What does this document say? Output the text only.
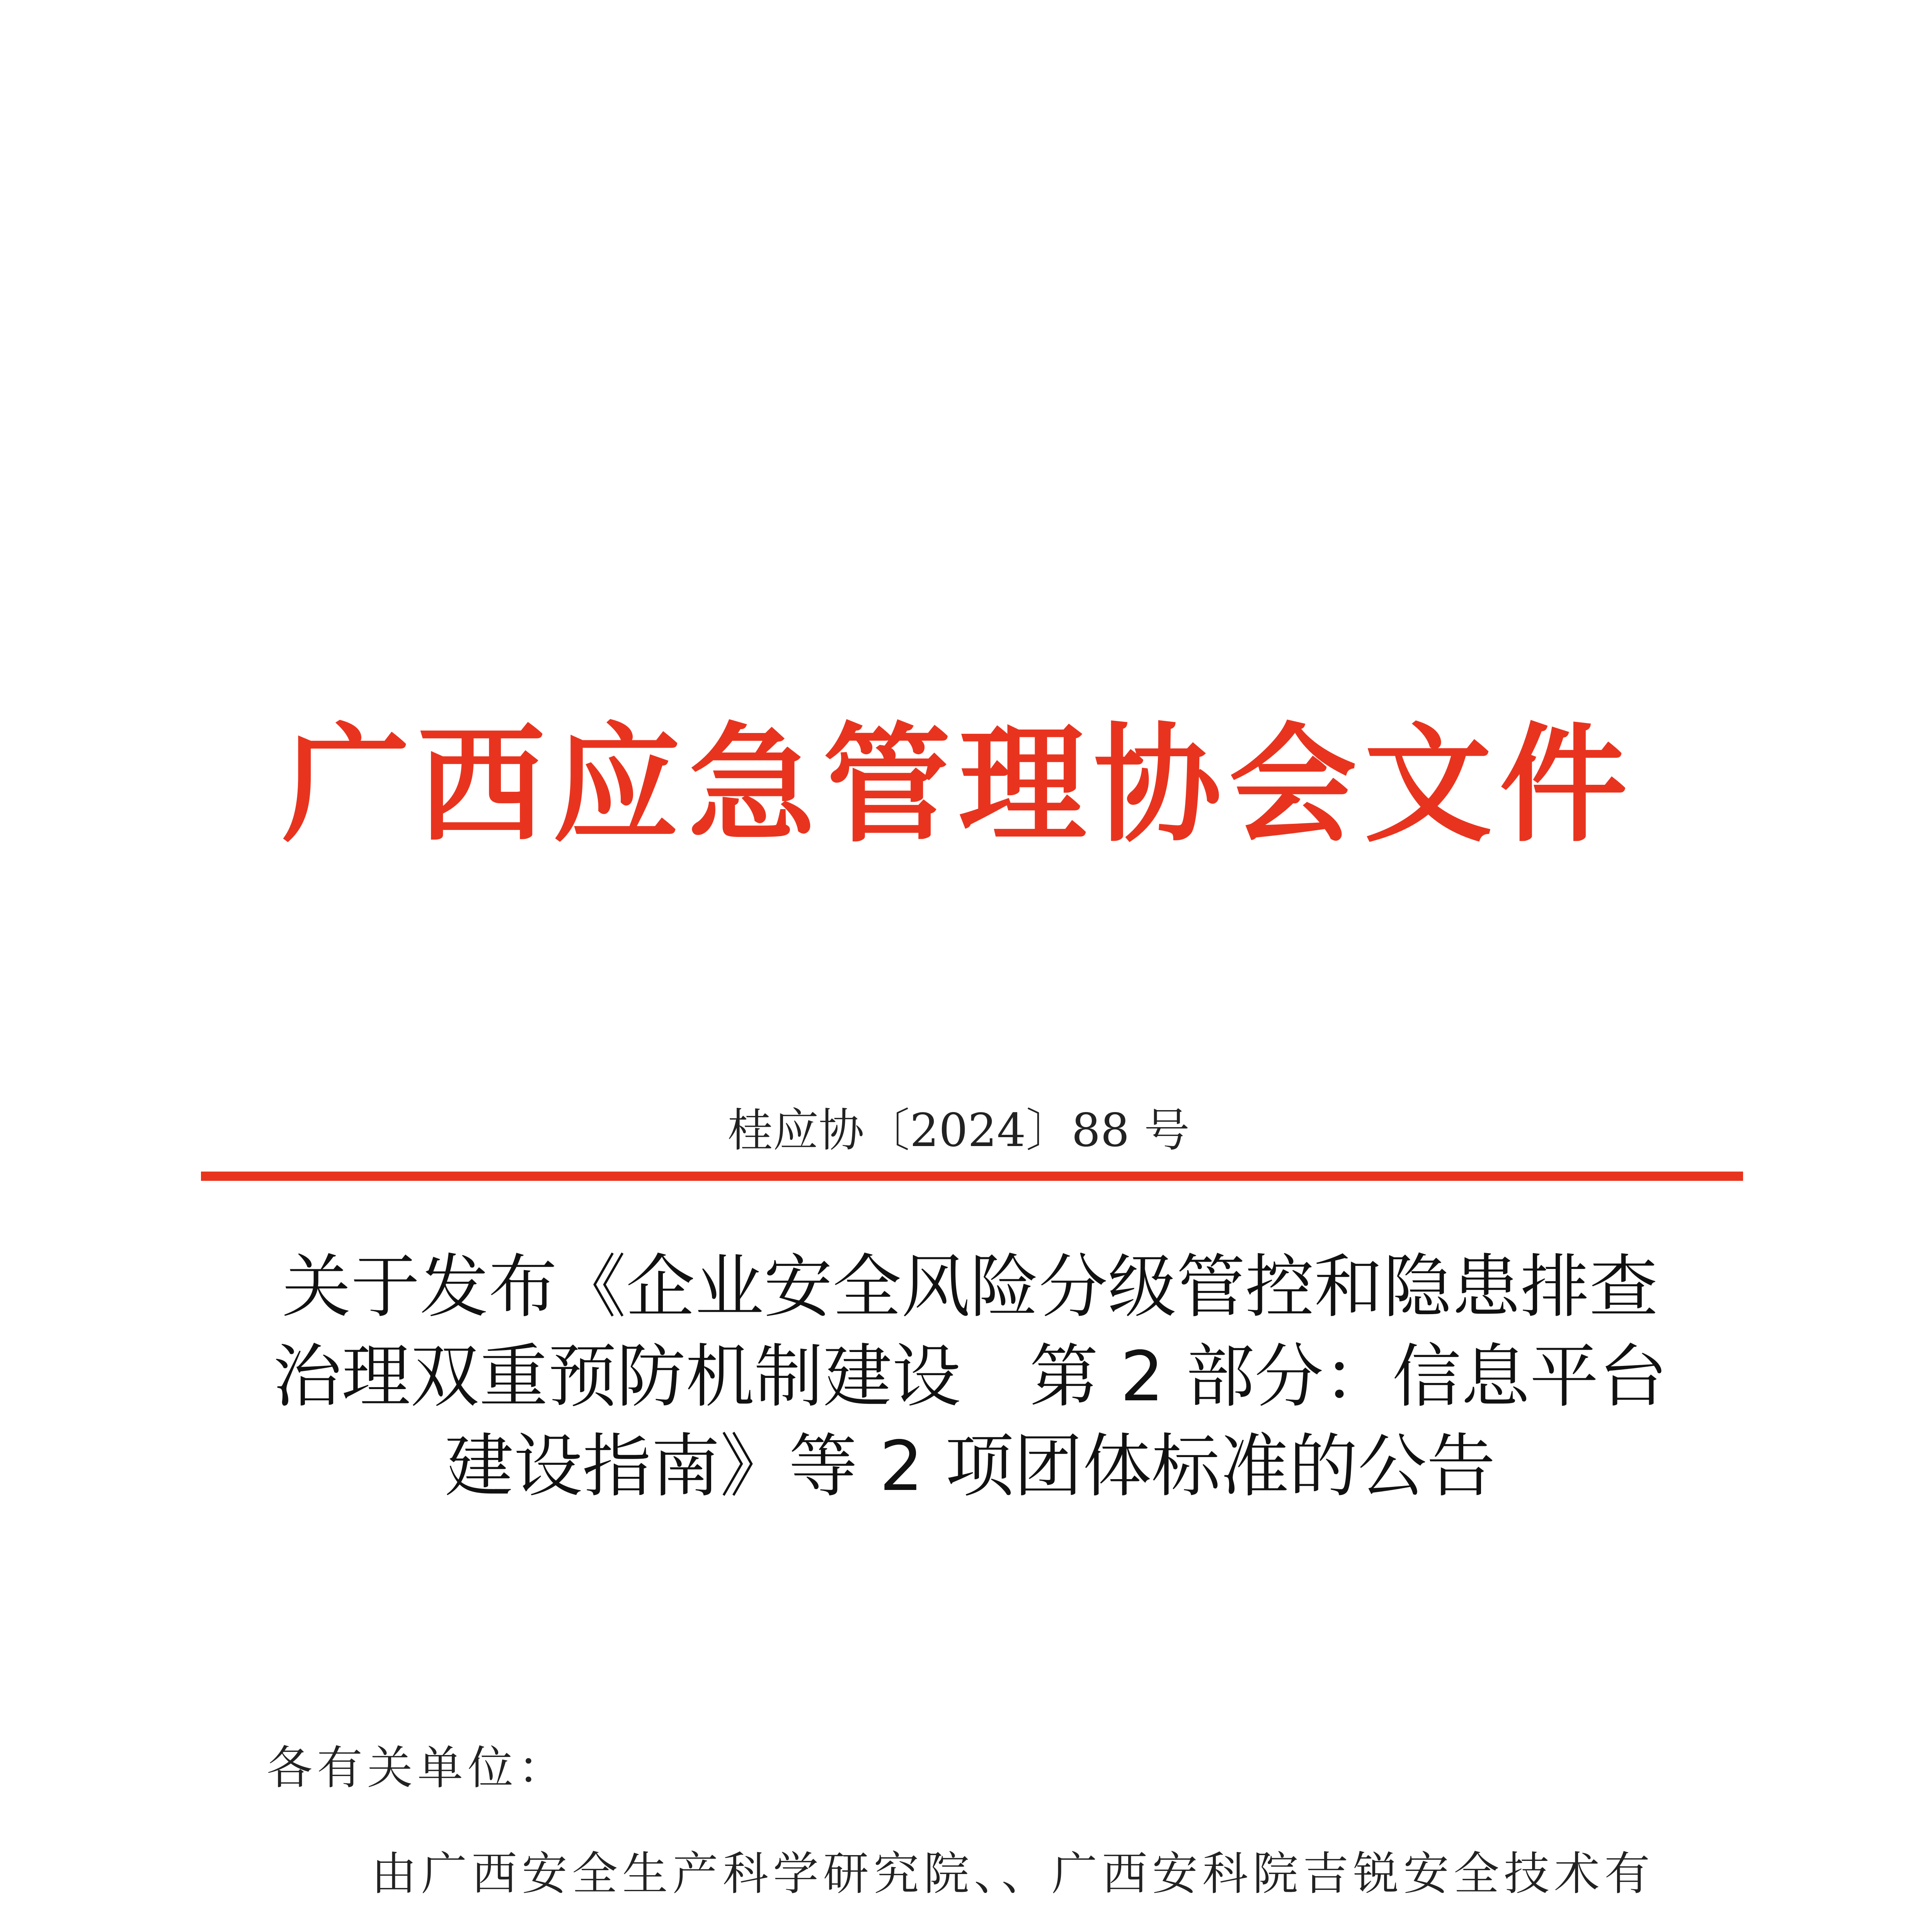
广西应急管理协会文件
桂应协〔2024〕88 号
关于发布《企业安全风险分级管控和隐患排查
治理双重预防机制建设　第 2 部分：信息平台
建设指南》等 2 项团体标准的公告
各有关单位：
由广西安全生产科学研究院、、广西安科院吉锐安全技术有
